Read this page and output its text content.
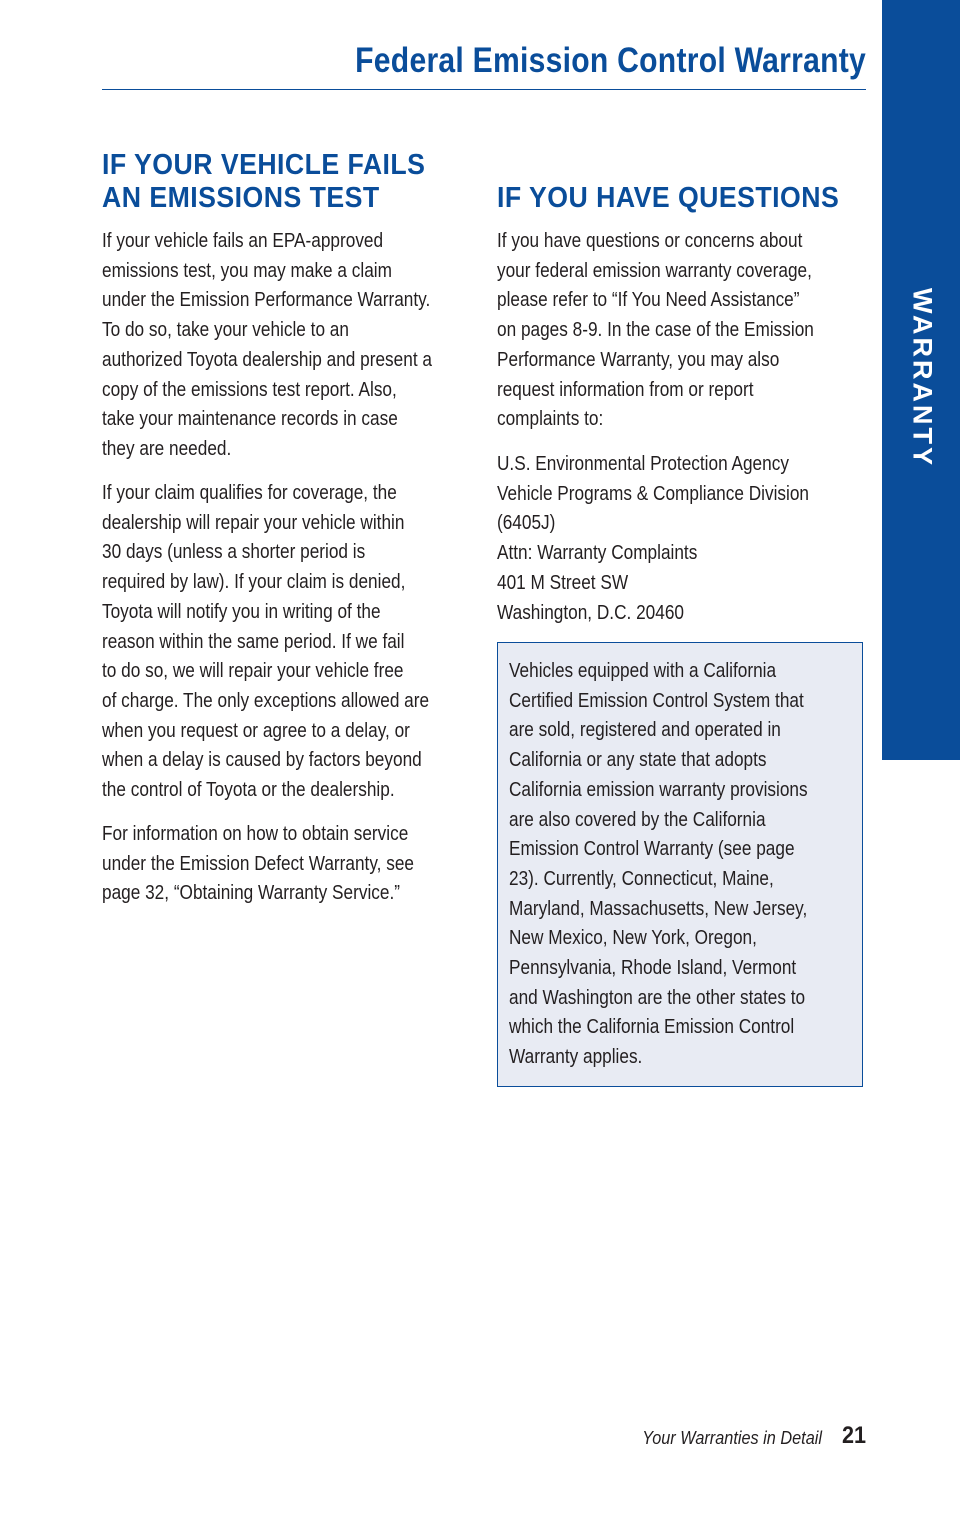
Federal Emission Control Warranty
WARRANTY
IF YOUR VEHICLE FAILS
AN EMISSIONS TEST
If your vehicle fails an EPA-approved
emissions test, you may make a claim
under the Emission Performance Warranty.
To do so, take your vehicle to an
authorized Toyota dealership and present a
copy of the emissions test report. Also,
take your maintenance records in case
they are needed.
If your claim qualifies for coverage, the
dealership will repair your vehicle within
30 days (unless a shorter period is
required by law). If your claim is denied,
Toyota will notify you in writing of the
reason within the same period. If we fail
to do so, we will repair your vehicle free
of charge. The only exceptions allowed are
when you request or agree to a delay, or
when a delay is caused by factors beyond
the control of Toyota or the dealership.
For information on how to obtain service
under the Emission Defect Warranty, see
page 32, “Obtaining Warranty Service.”
IF YOU HAVE QUESTIONS
If you have questions or concerns about
your federal emission warranty coverage,
please refer to “If You Need Assistance”
on pages 8-9. In the case of the Emission
Performance Warranty, you may also
request information from or report
complaints to:
U.S. Environmental Protection Agency
Vehicle Programs & Compliance Division
(6405J)
Attn: Warranty Complaints
401 M Street SW
Washington, D.C. 20460
Vehicles equipped with a California
Certified Emission Control System that
are sold, registered and operated in
California or any state that adopts
California emission warranty provisions
are also covered by the California
Emission Control Warranty (see page
23). Currently, Connecticut, Maine,
Maryland, Massachusetts, New Jersey,
New Mexico, New York, Oregon,
Pennsylvania, Rhode Island, Vermont
and Washington are the other states to
which the California Emission Control
Warranty applies.
Your Warranties in Detail 21
